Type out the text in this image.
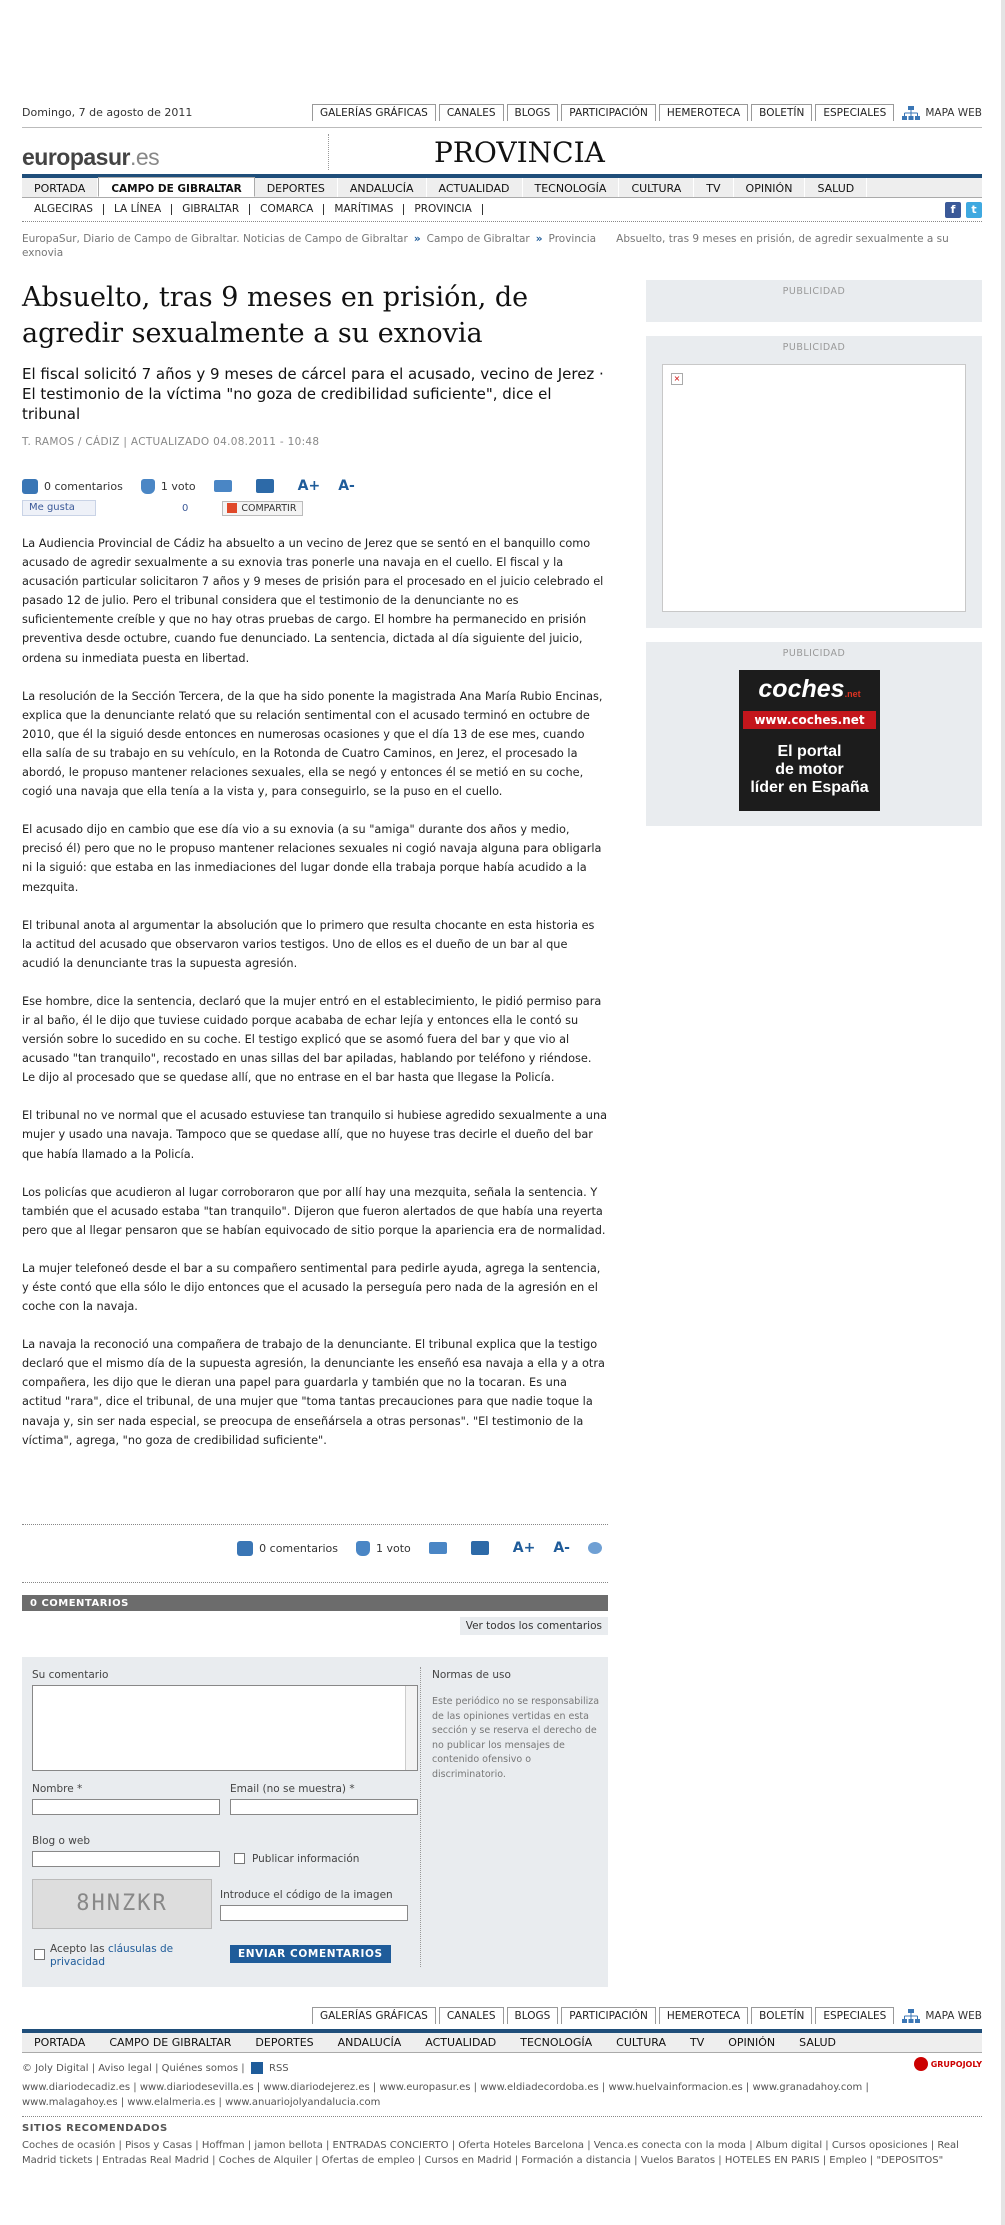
Domingo, 7 de agosto de 2011	GALERÍAS GRÁFICAS	CANALES	BLOGS	PARTICIPACIÓN	HEMEROTECA	BOLETÍN	ESPECIALES	MAPA WEB
europasur.es	PROVINCIA
PORTADA	CAMPO DE GIBRALTAR	DEPORTES	ANDALUCÍA	ACTUALIDAD	TECNOLOGÍA	CULTURA	TV	OPINIÓN	SALUD
ALGECIRAS	LA LÍNEA	GIBRALTAR	COMARCA	MARÍTIMAS	PROVINCIA	f	t
EuropaSur, Diario de Campo de Gibraltar. Noticias de Campo de Gibraltar » Campo de Gibraltar » Provincia Absuelto, tras 9 meses en prisión, de agredir sexualmente a su exnovia
Absuelto, tras 9 meses en prisión, de agredir sexualmente a su exnovia
El fiscal solicitó 7 años y 9 meses de cárcel para el acusado, vecino de Jerez ·
El testimonio de la víctima "no goza de credibilidad suficiente", dice el tribunal
T. RAMOS / CÁDIZ | ACTUALIZADO 04.08.2011 - 10:48
0 comentarios	1 voto	A+ A-
Me gusta	0	COMPARTIR

La Audiencia Provincial de Cádiz ha absuelto a un vecino de Jerez que se sentó en el banquillo como acusado de agredir sexualmente a su exnovia tras ponerle una navaja en el cuello. El fiscal y la acusación particular solicitaron 7 años y 9 meses de prisión para el procesado en el juicio celebrado el pasado 12 de julio. Pero el tribunal considera que el testimonio de la denunciante no es suficientemente creíble y que no hay otras pruebas de cargo. El hombre ha permanecido en prisión preventiva desde octubre, cuando fue denunciado. La sentencia, dictada al día siguiente del juicio, ordena su inmediata puesta en libertad.

La resolución de la Sección Tercera, de la que ha sido ponente la magistrada Ana María Rubio Encinas, explica que la denunciante relató que su relación sentimental con el acusado terminó en octubre de 2010, que él la siguió desde entonces en numerosas ocasiones y que el día 13 de ese mes, cuando ella salía de su trabajo en su vehículo, en la Rotonda de Cuatro Caminos, en Jerez, el procesado la abordó, le propuso mantener relaciones sexuales, ella se negó y entonces él se metió en su coche, cogió una navaja que ella tenía a la vista y, para conseguirlo, se la puso en el cuello.

El acusado dijo en cambio que ese día vio a su exnovia (a su "amiga" durante dos años y medio, precisó él) pero que no le propuso mantener relaciones sexuales ni cogió navaja alguna para obligarla ni la siguió: que estaba en las inmediaciones del lugar donde ella trabaja porque había acudido a la mezquita.

El tribunal anota al argumentar la absolución que lo primero que resulta chocante en esta historia es la actitud del acusado que observaron varios testigos. Uno de ellos es el dueño de un bar al que acudió la denunciante tras la supuesta agresión.

Ese hombre, dice la sentencia, declaró que la mujer entró en el establecimiento, le pidió permiso para ir al baño, él le dijo que tuviese cuidado porque acababa de echar lejía y entonces ella le contó su versión sobre lo sucedido en su coche. El testigo explicó que se asomó fuera del bar y que vio al acusado "tan tranquilo", recostado en unas sillas del bar apiladas, hablando por teléfono y riéndose. Le dijo al procesado que se quedase allí, que no entrase en el bar hasta que llegase la Policía.

El tribunal no ve normal que el acusado estuviese tan tranquilo si hubiese agredido sexualmente a una mujer y usado una navaja. Tampoco que se quedase allí, que no huyese tras decirle el dueño del bar que había llamado a la Policía.

Los policías que acudieron al lugar corroboraron que por allí hay una mezquita, señala la sentencia. Y también que el acusado estaba "tan tranquilo". Dijeron que fueron alertados de que había una reyerta pero que al llegar pensaron que se habían equivocado de sitio porque la apariencia era de normalidad.

La mujer telefoneó desde el bar a su compañero sentimental para pedirle ayuda, agrega la sentencia, y éste contó que ella sólo le dijo entonces que el acusado la perseguía pero nada de la agresión en el coche con la navaja.

La navaja la reconoció una compañera de trabajo de la denunciante. El tribunal explica que la testigo declaró que el mismo día de la supuesta agresión, la denunciante les enseñó esa navaja a ella y a otra compañera, les dijo que le dieran una papel para guardarla y también que no la tocaran. Es una actitud "rara", dice el tribunal, de una mujer que "toma tantas precauciones para que nadie toque la navaja y, sin ser nada especial, se preocupa de enseñársela a otras personas". "El testimonio de la víctima", agrega, "no goza de credibilidad suficiente".

PUBLICIDAD
PUBLICIDAD
×
PUBLICIDAD
coches.net
www.coches.net
El portal
de motor
líder en España
0 comentarios	1 voto	A+ A-
0 COMENTARIOS
Ver todos los comentarios
Su comentario
Nombre *	Email (no se muestra) *
Blog o web
Publicar información
8HNZKR	Introduce el código de la imagen
Acepto las cláusulas de privacidad
ENVIAR COMENTARIOS
Normas de uso

Este periódico no se responsabiliza de las opiniones vertidas en esta sección y se reserva el derecho de no publicar los mensajes de contenido ofensivo o discriminatorio.

GALERÍAS GRÁFICAS	CANALES	BLOGS	PARTICIPACIÓN	HEMEROTECA	BOLETÍN	ESPECIALES	MAPA WEB
PORTADA	CAMPO DE GIBRALTAR	DEPORTES	ANDALUCÍA	ACTUALIDAD	TECNOLOGÍA	CULTURA	TV	OPINIÓN	SALUD
GRUPOJOLY
© Joly Digital | Aviso legal | Quiénes somos | RSS
www.diariodecadiz.es | www.diariodesevilla.es | www.diariodejerez.es | www.europasur.es | www.eldiadecordoba.es | www.huelvainformacion.es | www.granadahoy.com | www.malagahoy.es | www.elalmeria.es | www.anuariojolyandalucia.com
SITIOS RECOMENDADOS
Coches de ocasión | Pisos y Casas | Hoffman | jamon bellota | ENTRADAS CONCIERTO | Oferta Hoteles Barcelona | Venca.es conecta con la moda | Album digital | Cursos oposiciones | Real Madrid tickets | Entradas Real Madrid | Coches de Alquiler | Ofertas de empleo | Cursos en Madrid | Formación a distancia | Vuelos Baratos | HOTELES EN PARIS | Empleo | "DEPOSITOS"
